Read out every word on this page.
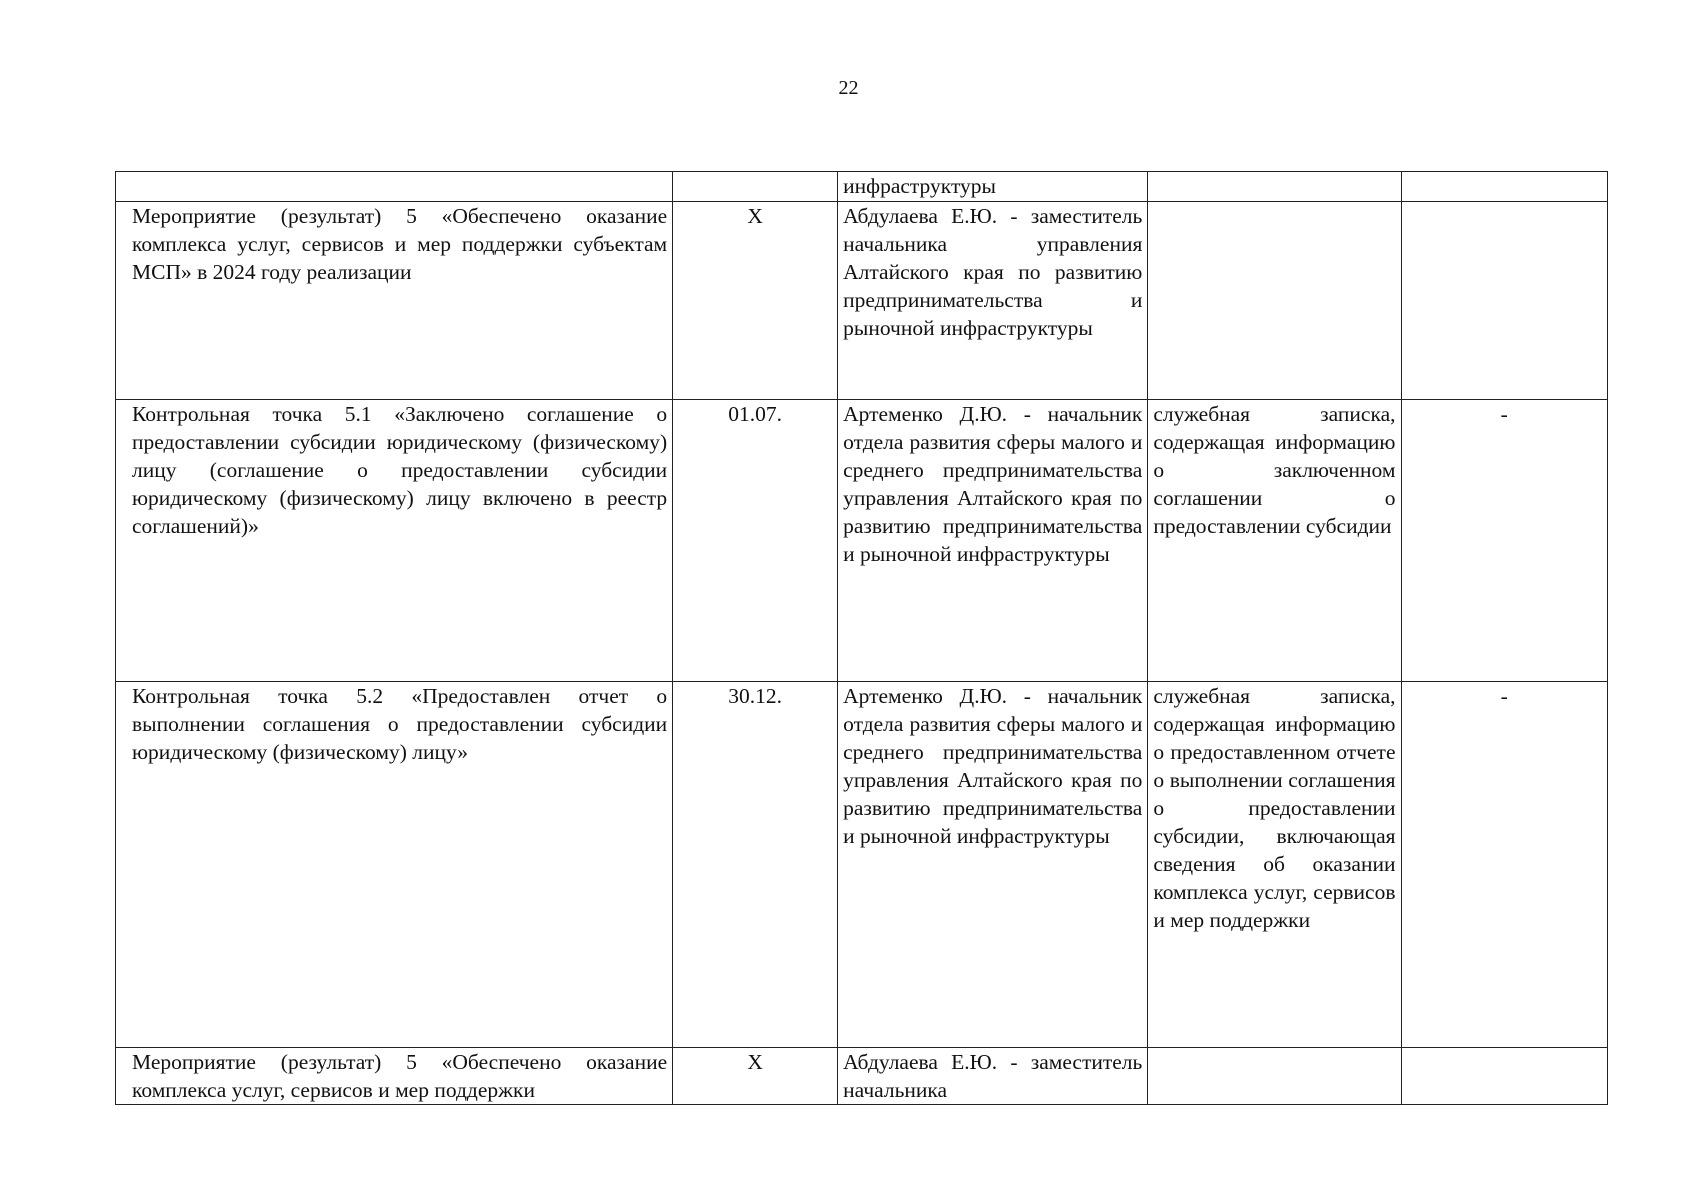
22
		инфраструктуры		

Мероприятие (результат) 5 «Обеспечено оказание комплекса услуг, сервисов и мер поддержки субъектам МСП» в 2024 году реализации	X	Абдулаева Е.Ю. - заместитель начальника управления Алтайского края по развитию предпринимательства и рыночной инфраструктуры		

Контрольная точка 5.1 «Заключено соглашение о предоставлении субсидии юридическому (физическому) лицу (соглашение о предоставлении субсидии юридическому (физическому) лицу включено в реестр соглашений)»	01.07.	Артеменко Д.Ю. - начальник отдела развития сферы малого и среднего предпринимательства управления Алтайского края по развитию предпринимательства и рыночной инфраструктуры	служебная записка, содержащая информацию о заключенном соглашении о предоставлении субсидии	-

Контрольная точка 5.2 «Предоставлен отчет о выполнении соглашения о предоставлении субсидии юридическому (физическому) лицу»	30.12.	Артеменко Д.Ю. - начальник отдела развития сферы малого и среднего предпринимательства управления Алтайского края по развитию предпринимательства и рыночной инфраструктуры	служебная записка, содержащая информацию о предоставленном отчете о выполнении соглашения о предоставлении субсидии, включающая сведения об оказании комплекса услуг, сервисов и мер поддержки	-

Мероприятие (результат) 5 «Обеспечено оказание комплекса услуг, сервисов и мер поддержки	X	Абдулаева Е.Ю. - заместитель начальника		
